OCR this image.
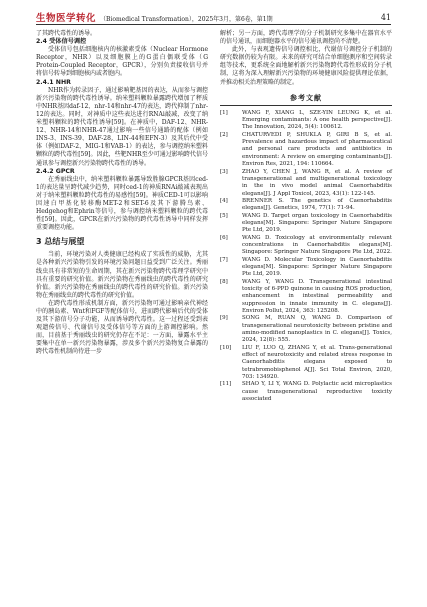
生物医学转化 （Biomedical Transformation），2025年3月，第6卷，第1期	41

了其跨代毒性的诱导。

2.4 受体信号调控

受体信号包括细胞核内的核激素受体（Nuclear Hormone Receptor，NHR）以及细胞膜上的G蛋白偶联受体（G Protein-Coupled Receptor，GPCR），分别负责接收信号并将信号转导到细胞核内或者胞内。

2.4.1 NHR

NHR作为转录因子，通过影响靶基因的表达，从而参与调控新兴污染物的跨代毒性诱导。纳米塑料颗粒暴露跨代增加了秤质中NHR基因daf-12、nhr-14和nhr-47的表达，跨代抑制了nhr-12的表达。同时，对神质中这些表达进行RNAi敲减，改变了纳米塑料颗粒的跨代毒性诱导[59]。在神质中，DAF-12、NHR-12、NHR-14和NHR-47通过影响一些信号通路的配体（例如INS-3、INS-39、DAF-28、LIN-44和EFN-3）及其后代中受体（例如DAF-2、MIG-1和VAB-1）的表达，参与调控纳米塑料颗粒的跨代毒性[59]。因此，些靶NHR至少可通过影响跨代信号通讯参与调控新兴污染物跨代毒性的诱导。

2.4.2 GPCR

在秀丽线虫中，纳米塑料颗粒暴露导致胜腺GPCR基因ced-1的表达量呈跨代减少趋势，同时ced-1的神质RNAi敲减表现出对于纳米塑料颗粒跨代毒性的易感性[59]。神质CED-1可以影响因速白甲基化转移酶MET-2和SET-6及其下游腾鸟素、Hedgehog和Ephrin等信号，参与调控纳米塑料颗粒的跨代毒性[59]。因此，GPCR在新兴污染物的跨代毒性诱导中同样发挥重要调控功能。

3 总结与展望

当前，环境污染对人类健康已经构成了实质性的威胁，尤其是各种新兴污染物引发的环境污染问题日益受到广泛关注。秀丽线虫具有非常短的生命周期，其在新兴污染物跨代毒理学研究中具有重要的研究价值。新兴污染物在秀丽线虫的跨代毒性的研究价值。新兴污染物在秀丽线虫的跨代毒性的研究价值。新兴污染物在秀丽线虫的跨代毒性的研究价值。

在跨代毒性形成机制方面，新兴污染物可通过影响亲代神经中的胰岛素、Wnt和FGF等配体信号，进而跨代影响后代的受体及其下游信号分子功能，从而诱导跨代毒性。这一过程还受到表观遗传信号、代谢信号及受体信号等方面的上游调控影响。然而，目前基于秀丽线虫的研究仍存在不足：一方面，暴露水平主要集中在单一新兴污染物暴露，涉及多个新兴污染物复合暴露的跨代毒性机制尚待进一步

解析；另一方面，跨代毒理学的分子机制研究多集中在器官水平的信号通讯，而细胞器水平的信号通讯调控尚不清楚。

此外，与表观遗传信号调控相比，代谢信号调控分子机制的研究数据仍较为有限。未来的研究可结合单细胞测序和空间转录组等技术，更系统全面地解析新兴污染物跨代毒性形成的分子机制，这将为深入理解新兴污染物的环境健康风险提供理论依据，并推动相关治理策略的制定。

参考文献

[1]	WANG F, XIANG L, SZE-YIN LEUNG K, et al. Emerging contaminants: A one health perspective[J]. The Innovation, 2024, 5(4): 100612.

[2]	CHATURVEDI P, SHUKLA P, GIRI B S, et al. Prevalence and hazardous impact of pharmaceutical and personal care products and antibiotics in environment: A review on emerging contaminants[J]. Environ Res, 2021, 194: 110664.

[3]	ZHAO Y, CHEN J, WANG R, et al. A review of transgenerational and multigenerational toxicology in the in vivo model animal Caenorhabditis elegans[J]. J Appl Toxicol, 2023, 43(1): 122-145.

[4]	BRENNER S. The genetics of Caenorhabditis elegans[J]. Genetics, 1974, 77(1): 71-94.

[5]	WANG D. Target organ toxicology in Caenorhabditis elegans[M]. Singapore: Springer Nature Singapore Pte Ltd, 2019.

[6]	WANG D. Toxicology at environmentally relevant concentrations in Caenorhabditis elegans[M]. Singapore: Springer Nature Singapore Pte Ltd, 2022.

[7]	WANG D. Molecular Toxicology in Caenorhabditis elegans[M]. Singapore: Springer Nature Singapore Pte Ltd, 2019.

[8]	WANG Y, WANG D. Transgenerational intestinal toxicity of 6-PPD quinone in causing ROS production, enhancement in intestinal permeability and suppression in innate immunity in C. elegans[J]. Environ Pollut, 2024, 363: 125208.

[9]	SONG M, RUAN Q, WANG D. Comparison of transgenerational neurotoxicity between pristine and amino-modified nanoplastics in C. elegans[J]. Toxics, 2024, 12(8): 555.

[10] LIU F, LUO Q, ZHANG Y, et al. Trans-generational effect of neurotoxicity and related stress response in Caenorhabditis elegans exposed to tetrabromobisphenol A[J]. Sci Total Environ, 2020, 703: 134920.

[11] SHAO Y, LI Y, WANG D. Polylactic acid microplastics cause transgenerational reproductive toxicity associated
